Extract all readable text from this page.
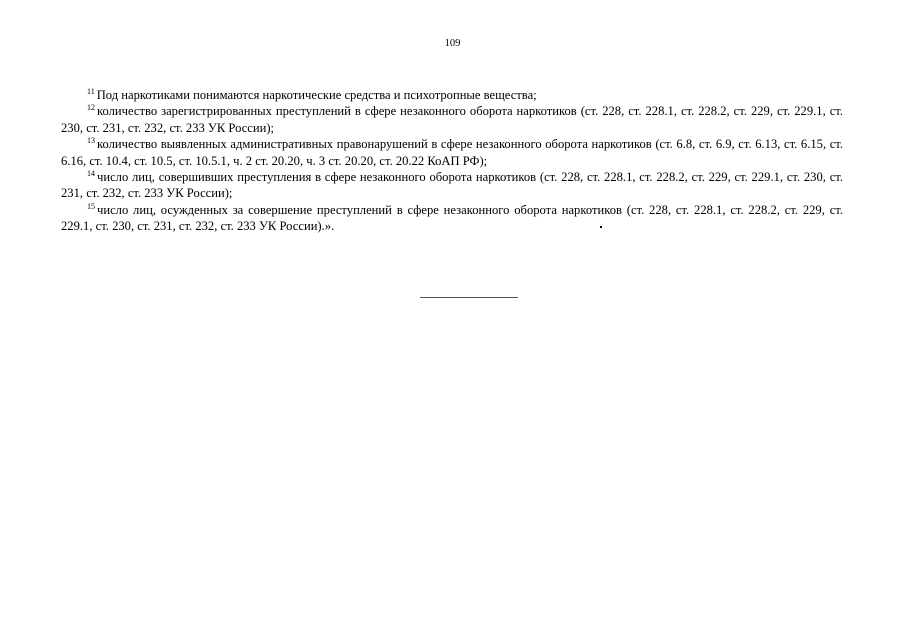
109

$^{11}$ Под наркотиками понимаются наркотические средства и психотропные вещества;

$^{12}$ количество зарегистрированных преступлений в сфере незаконного оборота наркотиков (ст. 228, ст. 228.1, ст. 228.2, ст. 229, ст. 229.1, ст. 230, ст. 231, ст. 232, ст. 233 УК России);

$^{13}$ количество выявленных административных правонарушений в сфере незаконного оборота наркотиков (ст. 6.8, ст. 6.9, ст. 6.13, ст. 6.15, ст. 6.16, ст. 10.4, ст. 10.5, ст. 10.5.1, ч. 2 ст. 20.20, ч. 3 ст. 20.20, ст. 20.22 КоАП РФ);

$^{14}$ число лиц, совершивших преступления в сфере незаконного оборота наркотиков (ст. 228, ст. 228.1, ст. 228.2, ст. 229, ст. 229.1, ст. 230, ст. 231, ст. 232, ст. 233 УК России);

$^{15}$ число лиц, осужденных за совершение преступлений в сфере незаконного оборота наркотиков (ст. 228, ст. 228.1, ст. 228.2, ст. 229, ст. 229.1, ст. 230, ст. 231, ст. 232, ст. 233 УК России).».
